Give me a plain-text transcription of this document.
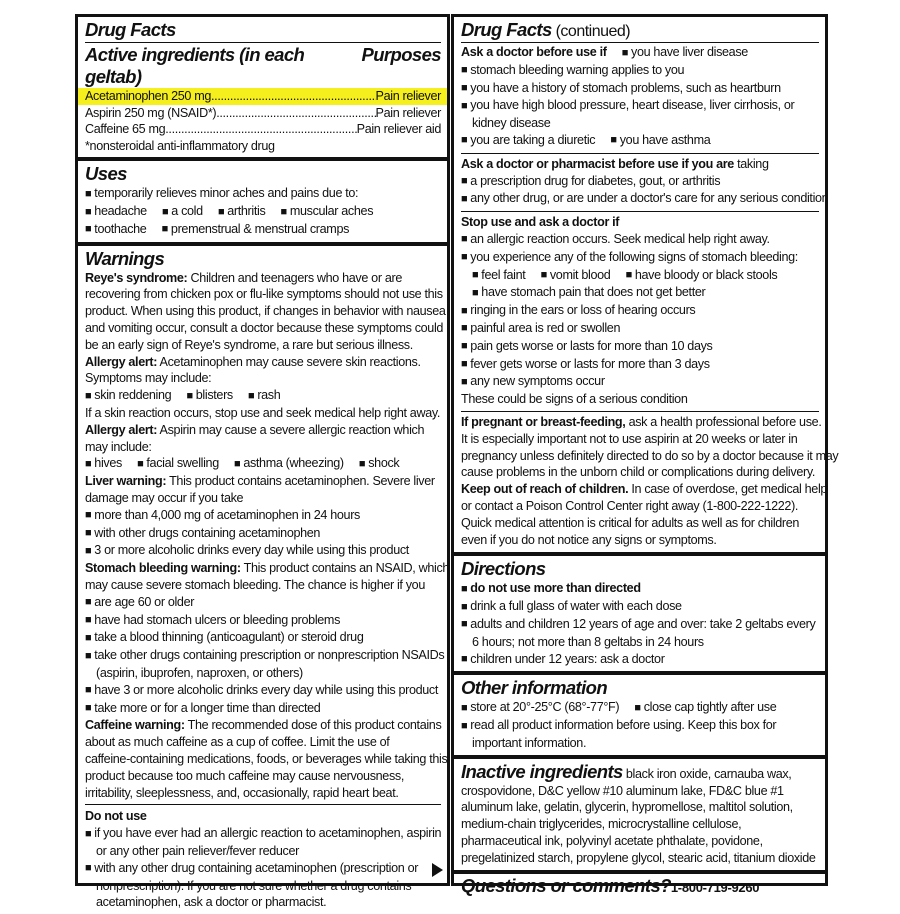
Drug Facts
Active ingredients (in each geltab)
Purposes
Acetaminophen 250 mg .....	Pain reliever
Aspirin 250 mg (NSAID*) .....	Pain reliever
Caffeine 65 mg .....	Pain reliever aid
*nonsteroidal anti-inflammatory drug
Uses
■ temporarily relieves minor aches and pains due to:
■ headache ■ a cold ■ arthritis ■ muscular aches
■ toothache ■ premenstrual & menstrual cramps
Warnings
Reye's syndrome: Children and teenagers who have or are
recovering from chicken pox or flu-like symptoms should not use this
product. When using this product, if changes in behavior with nausea
and vomiting occur, consult a doctor because these symptoms could
be an early sign of Reye's syndrome, a rare but serious illness.
Allergy alert: Acetaminophen may cause severe skin reactions.
Symptoms may include:
■ skin reddening ■ blisters ■ rash
If a skin reaction occurs, stop use and seek medical help right away.
Allergy alert: Aspirin may cause a severe allergic reaction which
may include:
■ hives ■ facial swelling ■ asthma (wheezing) ■ shock
Liver warning: This product contains acetaminophen. Severe liver
damage may occur if you take
■ more than 4,000 mg of acetaminophen in 24 hours
■ with other drugs containing acetaminophen
■ 3 or more alcoholic drinks every day while using this product
Stomach bleeding warning: This product contains an NSAID, which
may cause severe stomach bleeding. The chance is higher if you
■ are age 60 or older
■ have had stomach ulcers or bleeding problems
■ take a blood thinning (anticoagulant) or steroid drug
■ take other drugs containing prescription or nonprescription NSAIDs
(aspirin, ibuprofen, naproxen, or others)
■ have 3 or more alcoholic drinks every day while using this product
■ take more or for a longer time than directed
Caffeine warning: The recommended dose of this product contains
about as much caffeine as a cup of coffee. Limit the use of
caffeine-containing medications, foods, or beverages while taking this
product because too much caffeine may cause nervousness,
irritability, sleeplessness, and, occasionally, rapid heart beat.
Do not use
■ if you have ever had an allergic reaction to acetaminophen, aspirin
or any other pain reliever/fever reducer
■ with any other drug containing acetaminophen (prescription or
nonprescription). If you are not sure whether a drug contains
acetaminophen, ask a doctor or pharmacist.
Drug Facts (continued)
Ask a doctor before use if ■ you have liver disease
■ stomach bleeding warning applies to you
■ you have a history of stomach problems, such as heartburn
■ you have high blood pressure, heart disease, liver cirrhosis, or
kidney disease
■ you are taking a diuretic ■ you have asthma
Ask a doctor or pharmacist before use if you are taking
■ a prescription drug for diabetes, gout, or arthritis
■ any other drug, or are under a doctor's care for any serious condition
Stop use and ask a doctor if
■ an allergic reaction occurs. Seek medical help right away.
■ you experience any of the following signs of stomach bleeding:
■ feel faint ■ vomit blood ■ have bloody or black stools
■ have stomach pain that does not get better
■ ringing in the ears or loss of hearing occurs
■ painful area is red or swollen
■ pain gets worse or lasts for more than 10 days
■ fever gets worse or lasts for more than 3 days
■ any new symptoms occur
These could be signs of a serious condition
If pregnant or breast-feeding, ask a health professional before use.
It is especially important not to use aspirin at 20 weeks or later in
pregnancy unless definitely directed to do so by a doctor because it may
cause problems in the unborn child or complications during delivery.
Keep out of reach of children. In case of overdose, get medical help
or contact a Poison Control Center right away (1-800-222-1222).
Quick medical attention is critical for adults as well as for children
even if you do not notice any signs or symptoms.
Directions
■ do not use more than directed
■ drink a full glass of water with each dose
■ adults and children 12 years of age and over: take 2 geltabs every
6 hours; not more than 8 geltabs in 24 hours
■ children under 12 years: ask a doctor
Other information
■ store at 20°-25°C (68°-77°F) ■ close cap tightly after use
■ read all product information before using. Keep this box for
important information.
Inactive ingredients black iron oxide, carnauba wax,
crospovidone, D&C yellow #10 aluminum lake, FD&C blue #1
aluminum lake, gelatin, glycerin, hypromellose, maltitol solution,
medium-chain triglycerides, microcrystalline cellulose,
pharmaceutical ink, polyvinyl acetate phthalate, povidone,
pregelatinized starch, propylene glycol, stearic acid, titanium dioxide
Questions or comments?1-800-719-9260
